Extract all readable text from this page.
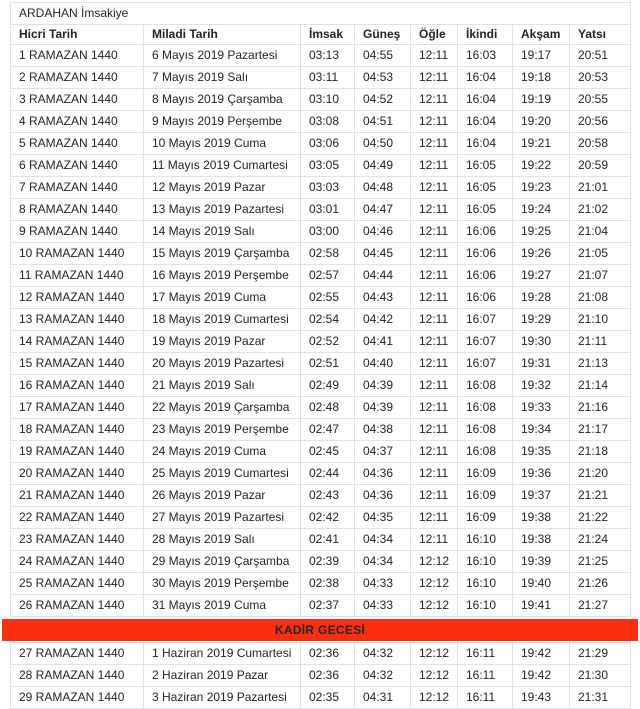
ARDAHAN İmsakiye							
Hicri Tarih	Miladi Tarih	İmsak	Güneş	Öğle	İkindi	Akşam	Yatsı
1 RAMAZAN 1440	6 Mayıs 2019 Pazartesi	03:13	04:55	12:11	16:03	19:17	20:51
2 RAMAZAN 1440	7 Mayıs 2019 Salı	03:11	04:53	12:11	16:04	19:18	20:53
3 RAMAZAN 1440	8 Mayıs 2019 Çarşamba	03:10	04:52	12:11	16:04	19:19	20:55
4 RAMAZAN 1440	9 Mayıs 2019 Perşembe	03:08	04:51	12:11	16:04	19:20	20:56
5 RAMAZAN 1440	10 Mayıs 2019 Cuma	03:06	04:50	12:11	16:04	19:21	20:58
6 RAMAZAN 1440	11 Mayıs 2019 Cumartesi	03:05	04:49	12:11	16:05	19:22	20:59
7 RAMAZAN 1440	12 Mayıs 2019 Pazar	03:03	04:48	12:11	16:05	19:23	21:01
8 RAMAZAN 1440	13 Mayıs 2019 Pazartesi	03:01	04:47	12:11	16:05	19:24	21:02
9 RAMAZAN 1440	14 Mayıs 2019 Salı	03:00	04:46	12:11	16:06	19:25	21:04
10 RAMAZAN 1440	15 Mayıs 2019 Çarşamba	02:58	04:45	12:11	16:06	19:26	21:05
11 RAMAZAN 1440	16 Mayıs 2019 Perşembe	02:57	04:44	12:11	16:06	19:27	21:07
12 RAMAZAN 1440	17 Mayıs 2019 Cuma	02:55	04:43	12:11	16:06	19:28	21:08
13 RAMAZAN 1440	18 Mayıs 2019 Cumartesi	02:54	04:42	12:11	16:07	19:29	21:10
14 RAMAZAN 1440	19 Mayıs 2019 Pazar	02:52	04:41	12:11	16:07	19:30	21:11
15 RAMAZAN 1440	20 Mayıs 2019 Pazartesi	02:51	04:40	12:11	16:07	19:31	21:13
16 RAMAZAN 1440	21 Mayıs 2019 Salı	02:49	04:39	12:11	16:08	19:32	21:14
17 RAMAZAN 1440	22 Mayıs 2019 Çarşamba	02:48	04:39	12:11	16:08	19:33	21:16
18 RAMAZAN 1440	23 Mayıs 2019 Perşembe	02:47	04:38	12:11	16:08	19:34	21:17
19 RAMAZAN 1440	24 Mayıs 2019 Cuma	02:45	04:37	12:11	16:08	19:35	21:18
20 RAMAZAN 1440	25 Mayıs 2019 Cumartesi	02:44	04:36	12:11	16:09	19:36	21:20
21 RAMAZAN 1440	26 Mayıs 2019 Pazar	02:43	04:36	12:11	16:09	19:37	21:21
22 RAMAZAN 1440	27 Mayıs 2019 Pazartesi	02:42	04:35	12:11	16:09	19:38	21:22
23 RAMAZAN 1440	28 Mayıs 2019 Salı	02:41	04:34	12:11	16:10	19:38	21:24
24 RAMAZAN 1440	29 Mayıs 2019 Çarşamba	02:39	04:34	12:12	16:10	19:39	21:25
25 RAMAZAN 1440	30 Mayıs 2019 Perşembe	02:38	04:33	12:12	16:10	19:40	21:26
26 RAMAZAN 1440	31 Mayıs 2019 Cuma	02:37	04:33	12:12	16:10	19:41	21:27
KADİR GECESİ
27 RAMAZAN 1440	1 Haziran 2019 Cumartesi	02:36	04:32	12:12	16:11	19:42	21:29
28 RAMAZAN 1440	2 Haziran 2019 Pazar	02:36	04:32	12:12	16:11	19:42	21:30
29 RAMAZAN 1440	3 Haziran 2019 Pazartesi	02:35	04:31	12:12	16:11	19:43	21:31
